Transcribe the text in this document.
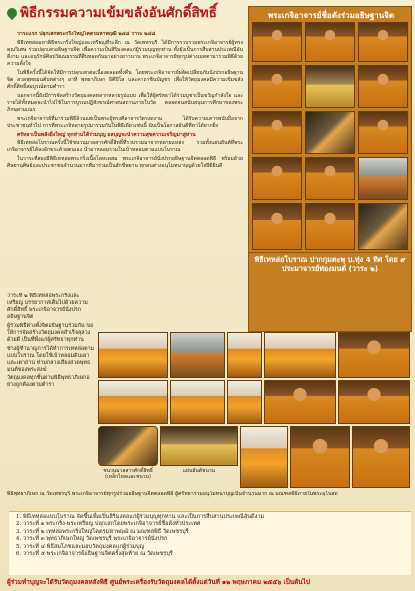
พิธีกรรมความเข้มขลังอันศักดิ์สิทธิ์	พระเกจิอาจารย์ชื่อดังร่วมอธิษฐานจิต
พิธีเทหล่อโบราณ ปากกุมตะพุ บ.ทุ่ง 4 ทิศ โดย ๙ ประมาจารย์ท่องมนต์ (วาระ ๒)

วาระแรก ปลุกเสกพระกริ่งใหญ่โคตรมหาพฤฒิ ๒๔๘ วาระ ๒๔๘

พิธีเทหล่อมหาพิธีพระกริ่งใหญ่และเหรียญที่ระลึก ณ วัดเพชรบุรี ได้มีการรวบรวมพระเกจิอาจารย์ผู้ทรงคุณวิเศษ ร่วมปลุกเสกอธิษฐานจิต เพื่อความเป็นสิริมงคลแก่ผู้ร่วมบุญทุกท่าน ทั้งยังเป็นการสืบสานประเพณีอันดีงาม และอนุรักษ์ศิลปวัฒนธรรมที่สืบทอดกันมาอย่างยาวนาน พระเกจิอาจารย์ทุกรูปต่างเมตตามาร่วมพิธีด้วยความตั้งใจ

ในพิธีครั้งนี้ได้จัดให้มีการปลุกเสกต่อเนื่องตลอดทั้งคืน โดยพระเกจิอาจารย์ผลัดเปลี่ยนกันนั่งปรกอธิษฐานจิต สวดพุทธมนต์บทต่างๆ อาทิ พุทธาภิเษก อิติปิโส และคาถาชินบัญชร เพื่อให้วัตถุมงคลมีความเข้มขลังศักดิ์สิทธิ์สมบูรณ์ตามตำรา

นอกจากนี้ยังมีการจัดสร้างวัตถุมงคลหลากหลายรูปแบบ เพื่อให้ผู้ศรัทธาได้ร่วมบูชาเป็นขวัญกำลังใจ และรายได้ทั้งหมดจะนำไปใช้ในการบูรณปฏิสังขรณ์ศาสนสถานภายในวัด ตลอดจนสนับสนุนการศึกษาของพระภิกษุสามเณร

พระเกจิอาจารย์ที่มาร่วมพิธีล้วนแต่เป็นพระผู้ทรงศีลาจารวัตรงดงาม ได้รับความเคารพนับถือจากประชาชนทั่วไป การที่พระเกจิหลายรูปมารวมกันในพิธีเดียวเช่นนี้ นับเป็นโอกาสอันดีที่หาได้ยากยิ่ง

ศรัทธาเป็นพลังยิ่งใหญ่ ทุกท่านได้ร่วมบุญ ผลบุญจะนำความสุขความเจริญมาสู่ท่าน

พิธีเทหล่อโบราณครั้งนี้ใช้ชนวนมวลสารศักดิ์สิทธิ์ที่รวบรวมมาจากหลายแหล่ง รวมทั้งแผ่นยันต์ที่พระเกจิอาจารย์ได้ลงอักขระด้วยตนเอง นำมาหลอมรวมในเบ้าหลอมตามแบบโบราณ

ในวาระที่สองมีพิธีเทหล่อพระกริ่งเนื้อโลหะผสม พระเกจิอาจารย์นั่งปรกอธิษฐานจิตตลอดพิธี พร้อมด้วยศิษยานุศิษย์และประชาชนจำนวนมากที่มาร่วมเป็นสักขีพยาน ทุกคนต่างอนุโมทนาบุญด้วยใจปีติยินดี

วาระที่ ๒ พิธีเทหล่อพระกริ่งและเหรียญ บรรยากาศเต็มไปด้วยความศักดิ์สิทธิ์ พระเกจิอาจารย์นั่งปรกอธิษฐานจิต

ผู้ร่วมพิธีต่างตั้งจิตอธิษฐานร่วมกัน ขอให้การจัดสร้างวัตถุมงคลสำเร็จลุล่วงด้วยดี เป็นที่พึ่งแก่ผู้ศรัทธาทุกท่าน

ช่างผู้ชำนาญการได้ทำการเทหล่อตามแบบโบราณ โดยใช้เบ้าหลอมดินเผาและเตาถ่าน ท่ามกลางเสียงสวดพุทธมนต์ของพระสงฆ์

วัตถุมงคลทุกชิ้นผ่านพิธีพุทธาภิเษกอย่างถูกต้องตามตำรา

ชนวนมวลสารศักดิ์สิทธิ์ (เหล็กไหลและชนวน)
แผ่นยันต์ชนวน
พิธีพุทธาภิเษก ณ วัดเพชรบุรี พระเกจิอาจารย์ทุกรูปร่วมอธิษฐานจิตตลอดพิธี ผู้ศรัทธาร่วมอนุโมทนาบุญเป็นจำนวนมาก ณ มณฑลพิธีภายในพระอุโบสถ
1. พิธีเทหล่อแบบโบราณ จัดขึ้นเพื่อเป็นสิริมงคลแก่ผู้ร่วมบุญทุกท่าน และเป็นการสืบสานประเพณีอันดีงาม
2. วาระที่ ๑ พระกริ่ง-พระเหรียญ ปลุกเสกโดยพระเกจิอาจารย์ชื่อดังทั่วประเทศ
3. วาระที่ ๒ เทหล่อพระกริ่งใหญ่โคตรมหาพฤฒิ ณ มณฑลพิธี วัดเพชรบุรี
4. วาระที่ ๓ พุทธาภิเษกใหญ่ วัดเพชรบุรี พระเกจิอาจารย์นั่งปรก
5. วาระที่ ๔ พิธีสมโภชและมอบวัตถุมงคลแก่ผู้ร่วมบุญ
6. วาระที่ ๕ พระเกจิอาจารย์อธิษฐานจิตครั้งสุดท้าย ณ วัดเพชรบุรี
ผู้ร่วมทำบุญจะได้รับวัตถุมงคลหลังพิธี ศูนย์พระเครื่องรับวัตถุมงคลได้ตั้งแต่วันที่ ๑๒ พฤษภาคม ๒๕๕๖ เป็นต้นไป
